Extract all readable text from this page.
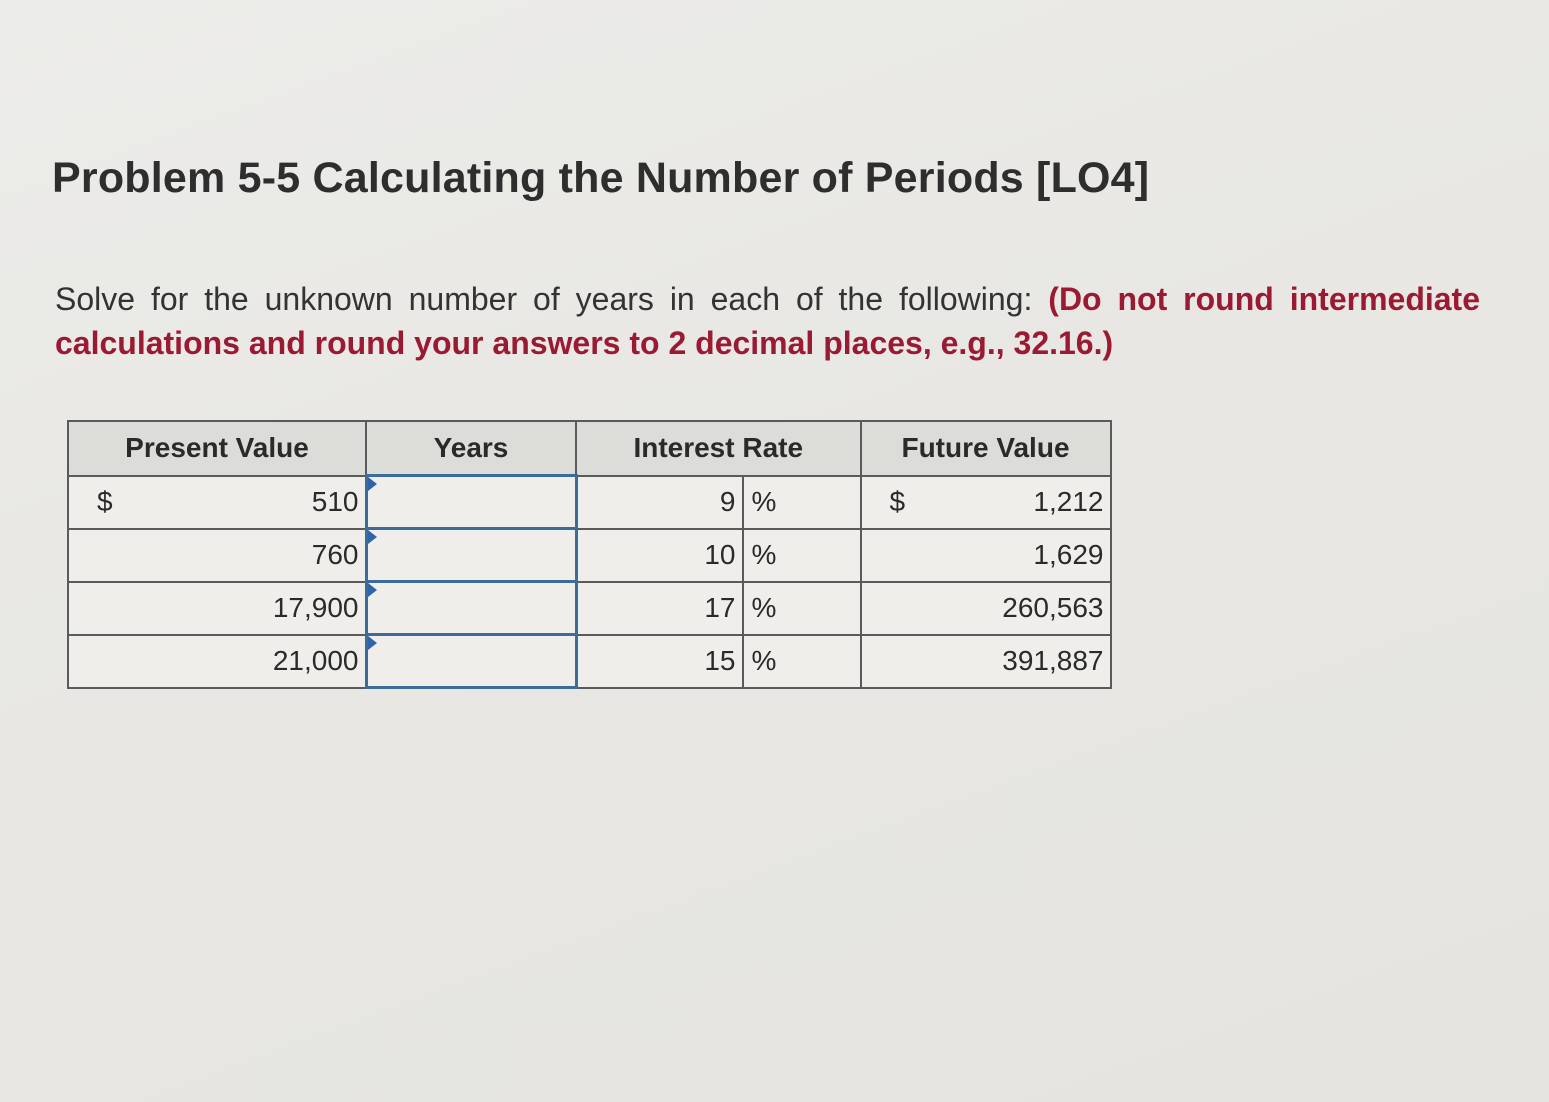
Problem 5-5 Calculating the Number of Periods [LO4]
Solve for the unknown number of years in each of the following: (Do not round intermediate calculations and round your answers to 2 decimal places, e.g., 32.16.)
Present Value	Years	Interest Rate		Future Value

$ 510		9	%	$ 1,212

760		10	%	1,629

17,900		17	%	260,563

21,000		15	%	391,887
